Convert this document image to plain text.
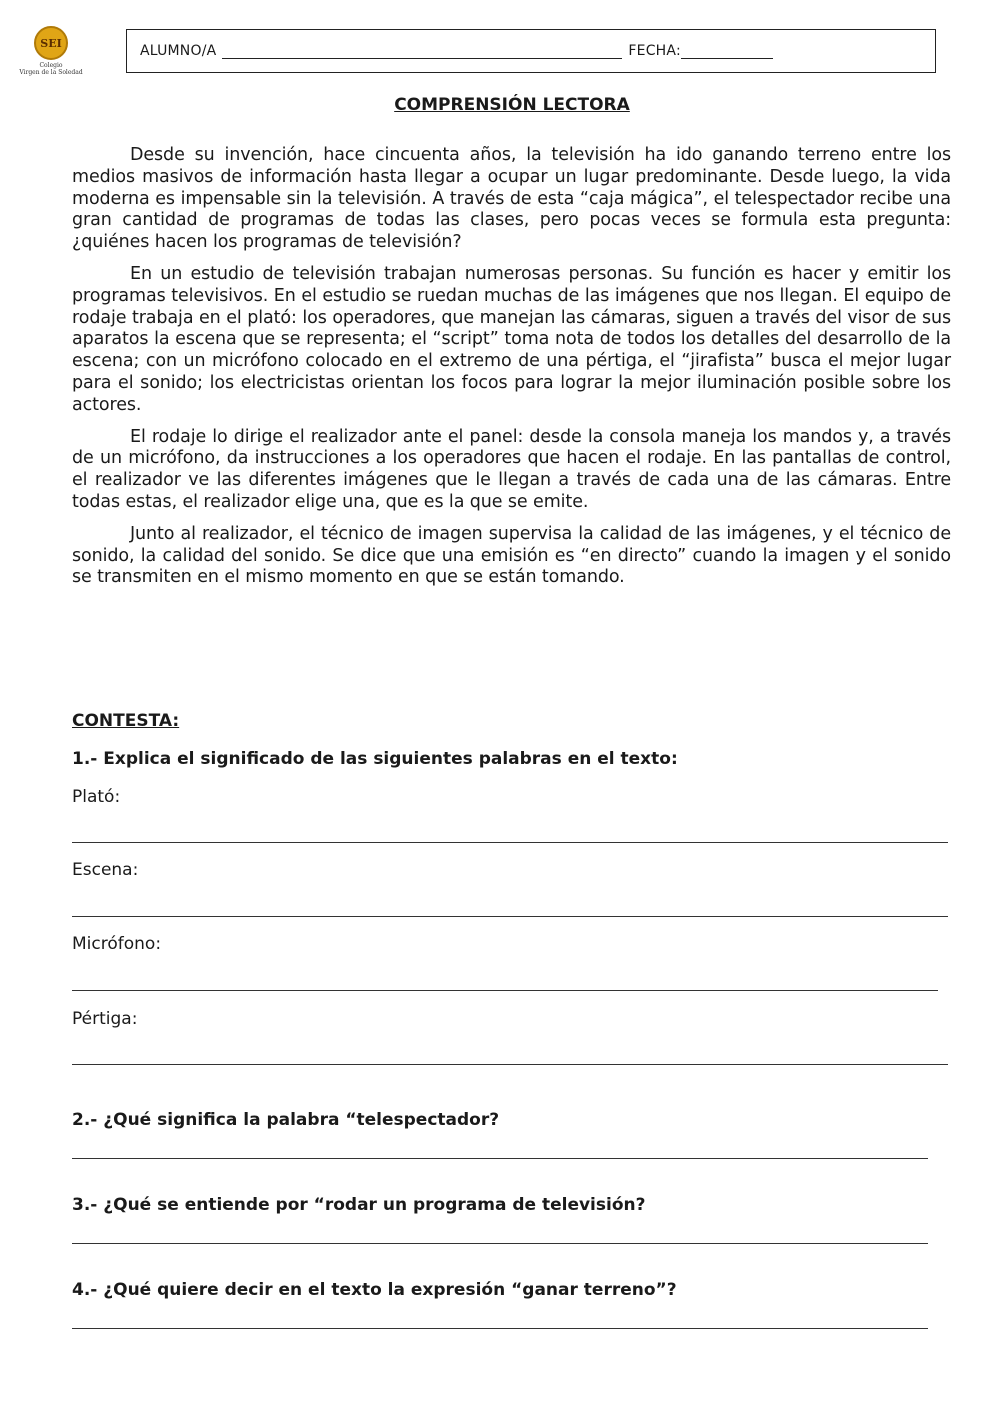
SEI
Colegio
Virgen de la Soledad
ALUMNO/A	FECHA:
COMPRENSIÓN LECTORA

Desde su invención, hace cincuenta años, la televisión ha ido ganando terreno entre los medios masivos de información hasta llegar a ocupar un lugar predominante. Desde luego, la vida moderna es impensable sin la televisión. A través de esta “caja mágica”, el telespectador recibe una gran cantidad de programas de todas las clases, pero pocas veces se formula esta pregunta: ¿quiénes hacen los programas de televisión?

En un estudio de televisión trabajan numerosas personas. Su función es hacer y emitir los programas televisivos. En el estudio se ruedan muchas de las imágenes que nos llegan. El equipo de rodaje trabaja en el plató: los operadores, que manejan las cámaras, siguen a través del visor de sus aparatos la escena que se representa; el “script” toma nota de todos los detalles del desarrollo de la escena; con un micrófono colocado en el extremo de una pértiga, el “jirafista” busca el mejor lugar para el sonido; los electricistas orientan los focos para lograr la mejor iluminación posible sobre los actores.

El rodaje lo dirige el realizador ante el panel: desde la consola maneja los mandos y, a través de un micrófono, da instrucciones a los operadores que hacen el rodaje. En las pantallas de control, el realizador ve las diferentes imágenes que le llegan a través de cada una de las cámaras. Entre todas estas, el realizador elige una, que es la que se emite.

Junto al realizador, el técnico de imagen supervisa la calidad de las imágenes, y el técnico de sonido, la calidad del sonido. Se dice que una emisión es “en directo” cuando la imagen y el sonido se transmiten en el mismo momento en que se están tomando.

CONTESTA:
1.- Explica el significado de las siguientes palabras en el texto:
Plató:
Escena:
Micrófono:
Pértiga:
2.- ¿Qué significa la palabra “telespectador?
3.- ¿Qué se entiende por “rodar un programa de televisión?
4.- ¿Qué quiere decir en el texto la expresión “ganar terreno”?
